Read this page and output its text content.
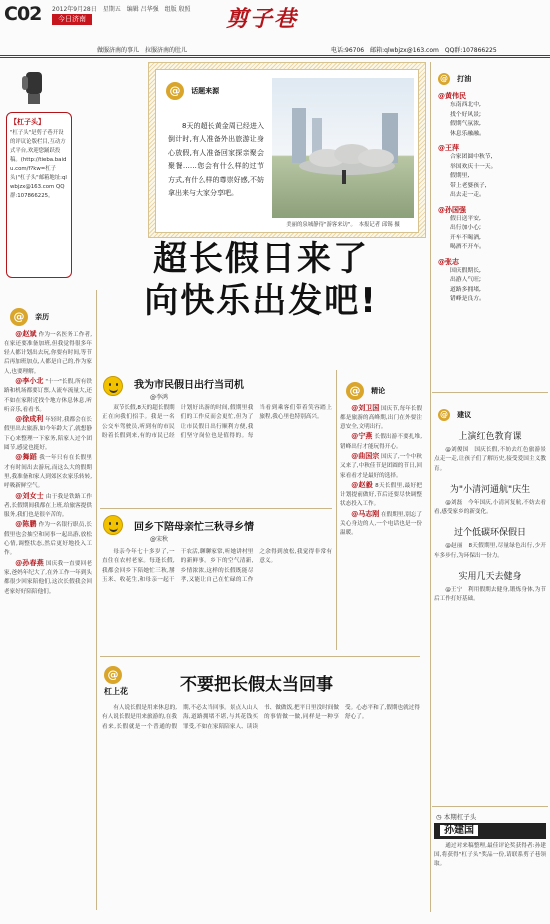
C02 2012年9月28日　星期五　编辑 吕华强　组版 殷照
今日济南	剪子巷
做服济南的事儿　拉服济南的肚儿	电话:96706　邮箱:qlwbjzx@163.com　QQ群:107866225
【杠子头】
"杠子头"是剪子巷开设的评议论版栏目,互动方式平台,欢迎您踊跃投稿。(http://tieba.baidu.com/f?kw=杠子头)"杠子头"邮箱地址:qlwbjzx@163.com QQ群:107866225。
@ 话题来源
8天的超长黄金周已经进入倒计时,有人准备外出旅游让身心放假,有人准备回家探亲聚会聚餐……您会有什么样的过节方式,有什么样的尊崇好感,不妨拿出来与大家分享吧。
美丽的泉城静待"游客来访"。　本报记者 邱锡 摄
超长假日来了
向快乐出发吧!
@ 亲历
@赵斌 作为一名医务工作者,在家还要准备加班,但我觉得很多年轻人都计划出去玩,你要有时间,等节后再加班加点,人都是自己的,作为家人,也要理解。
@李小北 "十一"长假,所有铁路和机场都要订票,人流车流量大,还不如在家附近找个地方休息休息,听听音乐,看看书。
@徐成利 年轻时,我都会在长假里出去旅游,如今年龄大了,就想静下心来整理一下家务,陪家人过个团圆节,感觉也挺好。
@舞蹈 我一年只有在长假里才有时间出去游玩,而这么大的假期里,我准备和家人到郊区农家乐转转,呼吸新鲜空气。
@刘女士 由于我是铁路工作者,长假期间我都在上班,给旅客提供服务,我们也是很辛苦的。
@陈鹏 作为一名银行职员,长假里也会抽空和同事一起出游,放松心情,调整状态,然后更好地投入工作。
@孙春燕 国庆我一直要回老家,爸妈年纪大了,在外工作一年到头都很少回家陪他们,这次长假我会回老家好好陪陪他们。
我为市民假日出行当司机
@李鸿
双节长假,8天的超长假期正在向我们招手。我是一名公交车驾驶员,听到有的市民盼着长假到来,有的市民已经计划好出游的时间,假期里我们的工作反而会更忙,但为了让市民假日出行顺利方便,我们坚守岗位也是值得的。每当看到乘客们带着笑容踏上旅程,我心里也特别高兴。
回乡下陪母亲忙三秋寻乡情
@宋秋
母亲今年七十多岁了,一直住在农村老家。每逢长假,我都会回乡下陪她忙三秋,掰玉米、收花生,和母亲一起干干农活,聊聊家常,听她讲村里的新鲜事。乡下的空气清新,乡情浓浓,这样的长假既能尽孝,又能让自己在忙碌的工作之余得到放松,我觉得非常有意义。
@
杠上花	不要把长假太当回事
有人说长假是用来休息的,有人说长假是用来旅游的,在我看来,长假就是一个普通的假期,不必太当回事。景点人山人海,道路拥堵不堪,与其花钱买罪受,不如在家陪陪家人、读读书、做做饭,把平日里没时间做的事情做一做,同样是一种享受。心态平和了,假期也就过得舒心了。
@ 精论
@刘卫国 国庆节,每年长假都是旅游的高峰期,出门在外要注意安全,文明出行。
@宁燕 长假出游不要扎堆,错峰出行才能玩得开心。
@曲国宗 国庆了,一个中秋又来了,中秋佳节是团圆的节日,回家看看才是最好的选择。
@赵毅 8天长假里,最好把计划提前做好,节后还要尽快调整状态投入工作。
@马志刚 在假期里,别忘了关心身边的人,一个电话也是一份温暖。
@ 打油
@黄伟民
东南西北中,
找个好风景;
假期气氛浓,
休息乐融融。
@王萍
合家团圆中秋节,
举国欢庆十一天。
假期里,
带上老婆孩子,
出去走一走。
@孙国强
假日送平安,
出行加小心;
开车不喝酒,
喝酒不开车。
@张志
国庆假期长,
出游人气旺;
道路多拥堵,
错峰是良方。
@ 建议
上演红色教育课
@刘俊国　国庆长假,不妨去红色旅游景点走一走,让孩子们了解历史,接受爱国主义教育。
为"小清河通航"庆生
@刘磊　今年国庆,小清河复航,不妨去看看,感受家乡的新变化。
过个低碳环保假日
@赵丽　8天假期里,尽量绿色出行,少开车多步行,为环保出一份力。
实用几天去健身
@王宁　利用假期去健身,锻炼身体,为节后工作打好基础。
◷ 本期杠子头
孙建国
通过对来稿整理,最佳评论奖获得者:孙建国,将获得"杠子头"奖品一份,请联系剪子巷领取。
